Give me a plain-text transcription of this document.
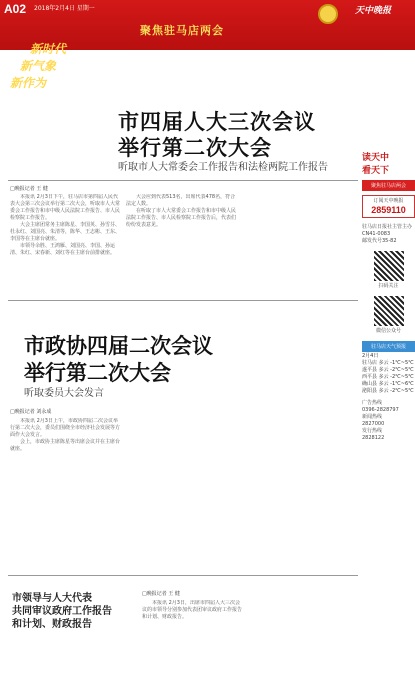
A02 2018年2月4日 星期一	天中晚报
聚焦驻马店两会
新时代
新气象
新作为
市四届人大三次会议
举行第二次大会
听取市人大常委会工作报告和法检两院工作报告
□晚报记者 王 健

本报讯 2月3日下午，驻马店市第四届人民代表大会第三次会议举行第二次大会，听取市人大常委会工作报告和市中级人民法院工作报告、市人民检察院工作报告。

大会主席团常务主席陈星、李国英、孙雪芬、杜永红、刘国亮、朱清等，陈华、王志彬、王东、李国等在主席台就座。

市领导余胜、王鸿雁、刘国亮、李国、孙运清、朱红、宋春新、刘红等在主席台前排就座。

大会应到代表513名，出席代表478名，符合法定人数。

在听取了市人大常委会工作报告和市中级人民法院工作报告、市人民检察院工作报告后，代表们纷纷发表意见。

读天中
看天下
聚焦驻马店两会
订阅天中晚报
2859110
驻马店日报社主管主办
CN41-0083
邮发代号35-82
扫码关注
微信公众号
驻马店天气预报
2月4日
驻马店 多云 -1℃~5℃
遂平县 多云 -2℃~5℃
西平县 多云 -2℃~5℃
确山县 多云 -1℃~6℃
泌阳县 多云 -2℃~5℃
广告热线
0396-2828797
新闻热线
2827000
发行热线
2828122
市政协四届二次会议
举行第二次大会
听取委员大会发言
□晚报记者 刘永成

本报讯 2月3日上午，市政协四届二次会议举行第二次大会，委员们围绕全市经济社会发展等方面作大会发言。

会上，市政协主席陈星等出席会议并在主席台就座。

市领导与人大代表
共同审议政府工作报告
和计划、财政报告
□晚报记者 王 健

本报讯 2月3日，出席市四届人大三次会议的市领导分别参加代表团审议政府工作报告和计划、财政报告。
